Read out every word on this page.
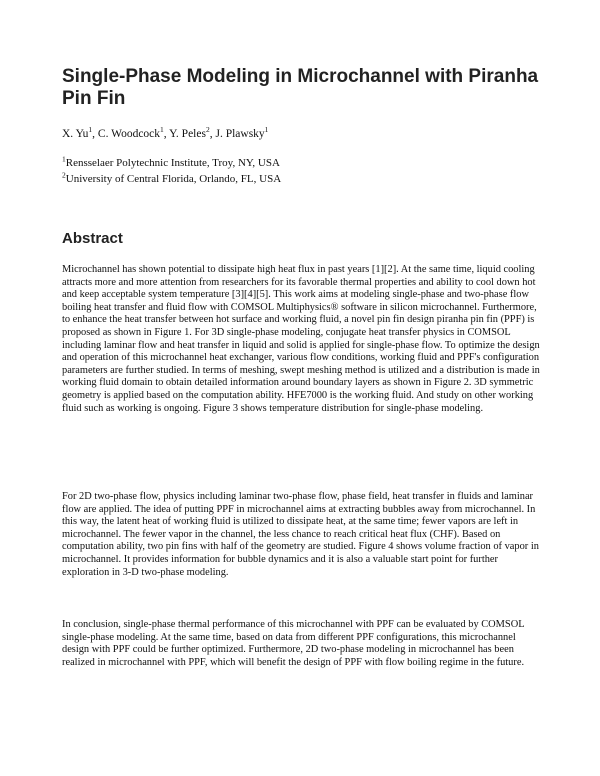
Single-Phase Modeling in Microchannel with Piranha Pin Fin
X. Yu$^1$, C. Woodcock$^1$, Y. Peles$^2$, J. Plawsky$^1$
$^1$Rensselaer Polytechnic Institute, Troy, NY, USA
$^2$University of Central Florida, Orlando, FL, USA
Abstract

Microchannel has shown potential to dissipate high heat flux in past years [1][2]. At the same time, liquid cooling attracts more and more attention from researchers for its favorable thermal properties and ability to cool down hot and keep acceptable system temperature [3][4][5]. This work aims at modeling single-phase and two-phase flow boiling heat transfer and fluid flow with COMSOL Multiphysics® software in silicon microchannel. Furthermore, to enhance the heat transfer between hot surface and working fluid, a novel pin fin design piranha pin fin (PPF) is proposed as shown in Figure 1. For 3D single-phase modeling, conjugate heat transfer physics in COMSOL including laminar flow and heat transfer in liquid and solid is applied for single-phase flow. To optimize the design and operation of this microchannel heat exchanger, various flow conditions, working fluid and PPF's configuration parameters are further studied. In terms of meshing, swept meshing method is utilized and a distribution is made in working fluid domain to obtain detailed information around boundary layers as shown in Figure 2. 3D symmetric geometry is applied based on the computation ability. HFE7000 is the working fluid. And study on other working fluid such as working is ongoing. Figure 3 shows temperature distribution for single-phase modeling.

For 2D two-phase flow, physics including laminar two-phase flow, phase field, heat transfer in fluids and laminar flow are applied. The idea of putting PPF in microchannel aims at extracting bubbles away from microchannel. In this way, the latent heat of working fluid is utilized to dissipate heat, at the same time; fewer vapors are left in microchannel. The fewer vapor in the channel, the less chance to reach critical heat flux (CHF). Based on computation ability, two pin fins with half of the geometry are studied. Figure 4 shows volume fraction of vapor in microchannel. It provides information for bubble dynamics and it is also a valuable start point for further exploration in 3-D two-phase modeling.

In conclusion, single-phase thermal performance of this microchannel with PPF can be evaluated by COMSOL single-phase modeling. At the same time, based on data from different PPF configurations, this microchannel design with PPF could be further optimized. Furthermore, 2D two-phase modeling in microchannel has been realized in microchannel with PPF, which will benefit the design of PPF with flow boiling regime in the future.
